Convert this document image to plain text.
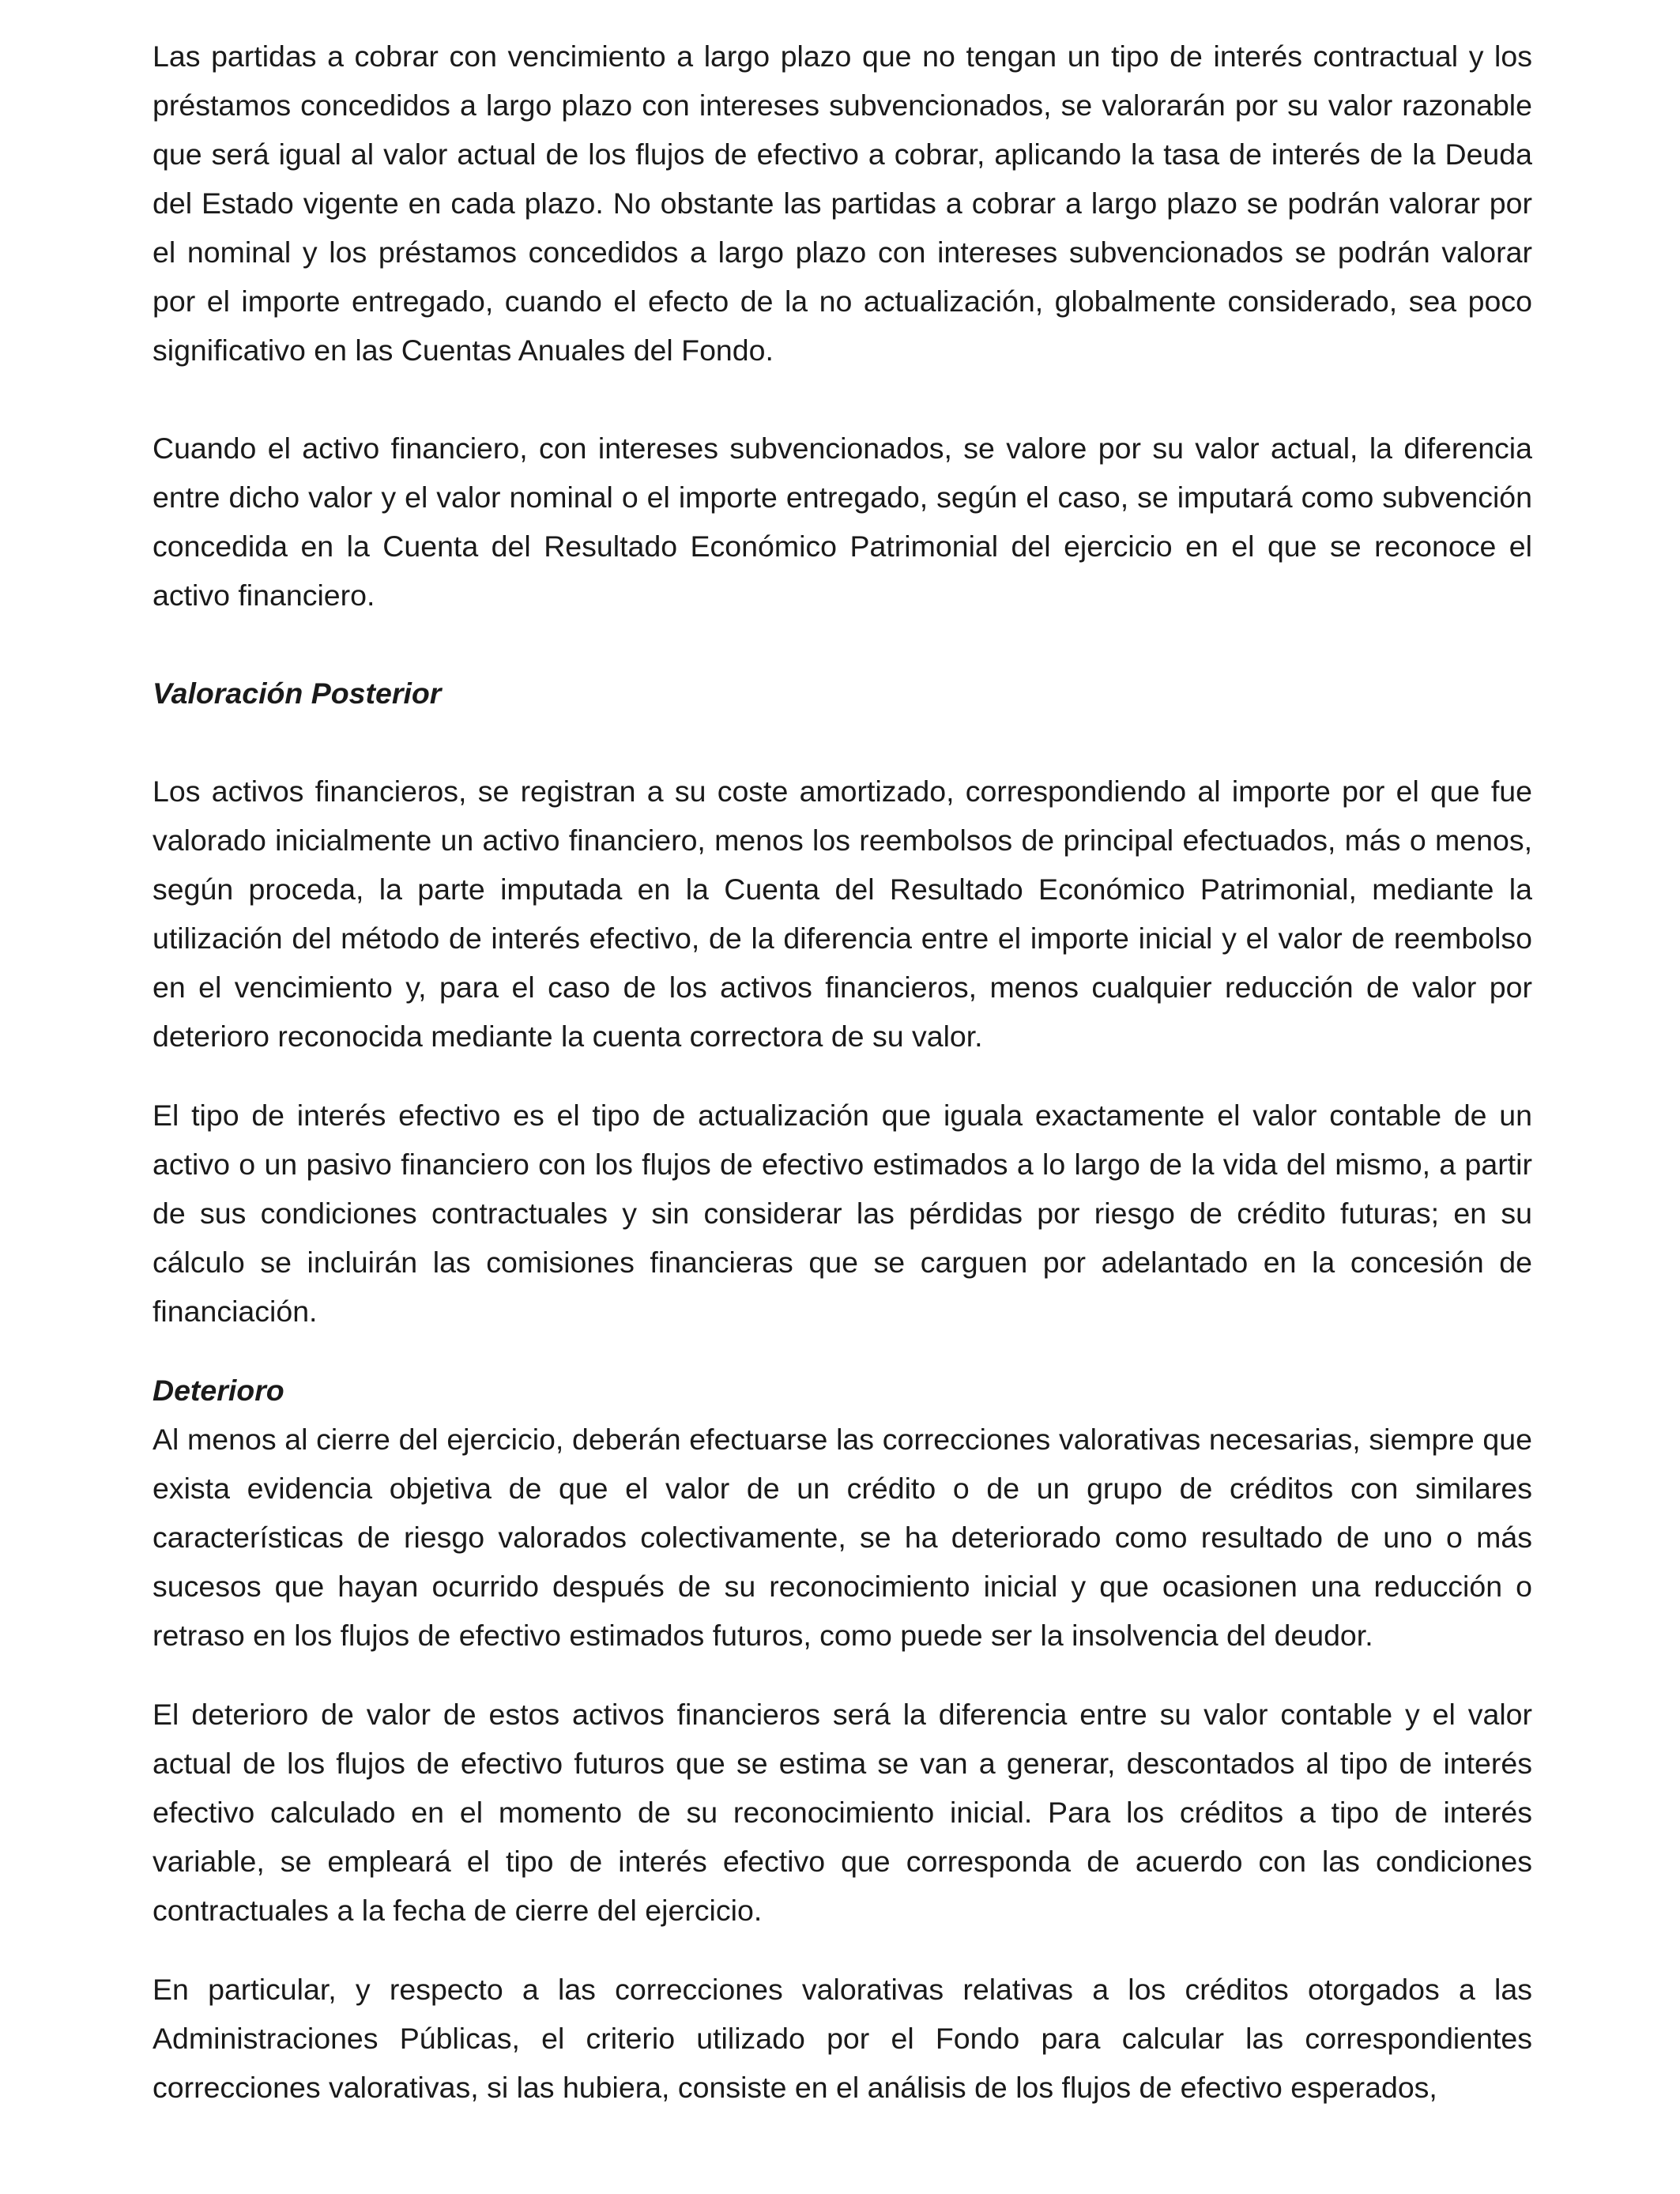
Las partidas a cobrar con vencimiento a largo plazo que no tengan un tipo de interés contractual y los préstamos concedidos a largo plazo con intereses subvencionados, se valorarán por su valor razonable que será igual al valor actual de los flujos de efectivo a cobrar, aplicando la tasa de interés de la Deuda del Estado vigente en cada plazo. No obstante las partidas a cobrar a largo plazo se podrán valorar por el nominal y los préstamos concedidos a largo plazo con intereses subvencionados se podrán valorar por el importe entregado, cuando el efecto de la no actualización, globalmente considerado, sea poco significativo en las Cuentas Anuales del Fondo.

Cuando el activo financiero, con intereses subvencionados, se valore por su valor actual, la diferencia entre dicho valor y el valor nominal o el importe entregado, según el caso, se imputará como subvención concedida en la Cuenta del Resultado Económico Patrimonial del ejercicio en el que se reconoce el activo financiero.

Valoración Posterior

Los activos financieros, se registran a su coste amortizado, correspondiendo al importe por el que fue valorado inicialmente un activo financiero, menos los reembolsos de principal efectuados, más o menos, según proceda, la parte imputada en la Cuenta del Resultado Económico Patrimonial, mediante la utilización del método de interés efectivo, de la diferencia entre el importe inicial y el valor de reembolso en el vencimiento y, para el caso de los activos financieros, menos cualquier reducción de valor por deterioro reconocida mediante la cuenta correctora de su valor.

El tipo de interés efectivo es el tipo de actualización que iguala exactamente el valor contable de un activo o un pasivo financiero con los flujos de efectivo estimados a lo largo de la vida del mismo, a partir de sus condiciones contractuales y sin considerar las pérdidas por riesgo de crédito futuras; en su cálculo se incluirán las comisiones financieras que se carguen por adelantado en la concesión de financiación.

Deterioro

Al menos al cierre del ejercicio, deberán efectuarse las correcciones valorativas necesarias, siempre que exista evidencia objetiva de que el valor de un crédito o de un grupo de créditos con similares características de riesgo valorados colectivamente, se ha deteriorado como resultado de uno o más sucesos que hayan ocurrido después de su reconocimiento inicial y que ocasionen una reducción o retraso en los flujos de efectivo estimados futuros, como puede ser la insolvencia del deudor.

El deterioro de valor de estos activos financieros será la diferencia entre su valor contable y el valor actual de los flujos de efectivo futuros que se estima se van a generar, descontados al tipo de interés efectivo calculado en el momento de su reconocimiento inicial. Para los créditos a tipo de interés variable, se empleará el tipo de interés efectivo que corresponda de acuerdo con las condiciones contractuales a la fecha de cierre del ejercicio.

En particular, y respecto a las correcciones valorativas relativas a los créditos otorgados a las Administraciones Públicas, el criterio utilizado por el Fondo para calcular las correspondientes correcciones valorativas, si las hubiera, consiste en el análisis de los flujos de efectivo esperados,
